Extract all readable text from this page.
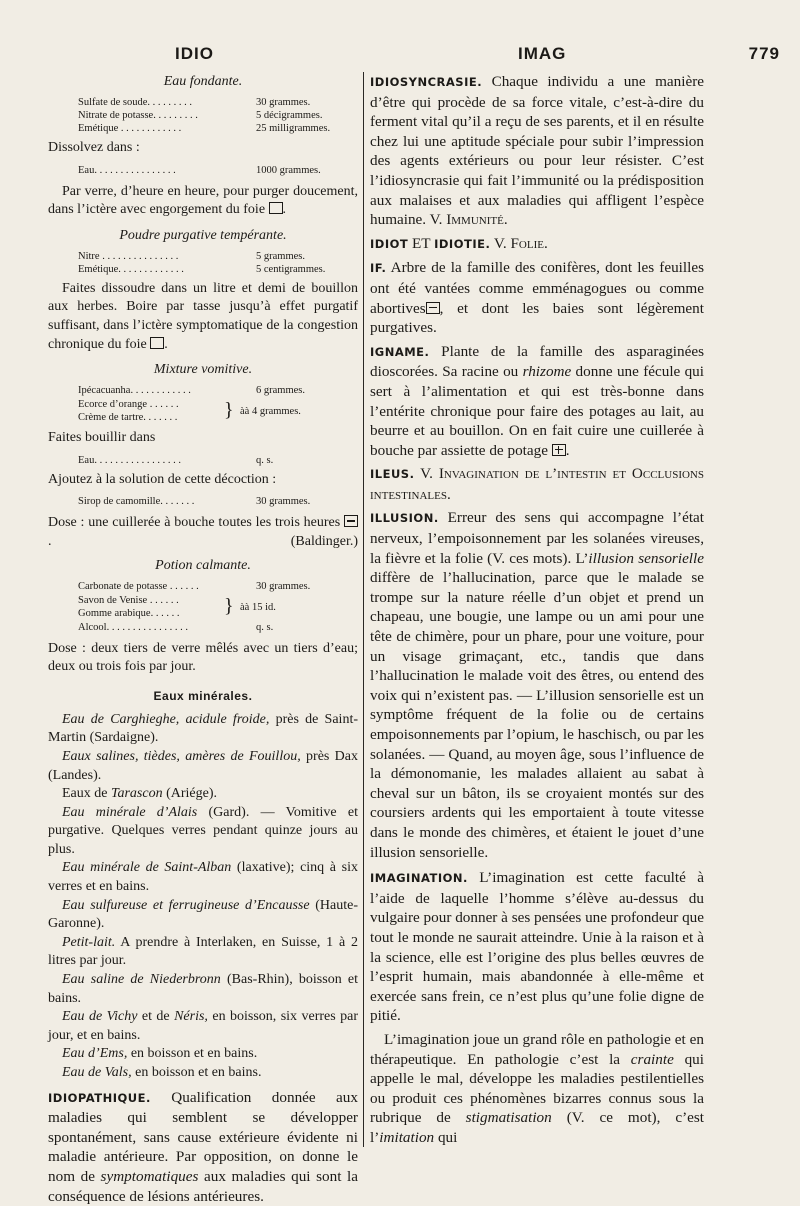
IDIO	IMAG	779
Eau fondante.
Sulfate de soude. . . . . . . . .	30 grammes.
Nitrate de potasse. . . . . . . . .	5 décigrammes.
Emétique . . . . . . . . . . . .	25 milligrammes.

Dissolvez dans :

Eau. . . . . . . . . . . . . . . .	1000 grammes.

Par verre, d’heure en heure, pour purger doucement, dans l’ictère avec engorgement du foie .

Poudre purgative tempérante.
Nitre . . . . . . . . . . . . . . .	5 grammes.
Emétique. . . . . . . . . . . . .	5 centigrammes.

Faites dissoudre dans un litre et demi de bouillon aux herbes. Boire par tasse jusqu’à effet purgatif suffisant, dans l’ictère symptomatique de la congestion chronique du foie .

Mixture vomitive.
Ipécacuanha. . . . . . . . . . . .	6 grammes.
Ecorce d’orange . . . . . .
Crème de tartre. . . . . . . } àà 4 grammes.

Faites bouillir dans

Eau. . . . . . . . . . . . . . . . .	q. s.

Ajoutez à la solution de cette décoction :

Sirop de camomille. . . . . . .	30 grammes.

Dose : une cuillerée à bouche toutes les trois heures .	(Baldinger.)

Potion calmante.
Carbonate de potasse . . . . . .	30 grammes.
Savon de Venise . . . . . .
Gomme arabique. . . . . . } àà 15 id.
Alcool. . . . . . . . . . . . . . . .	q. s.

Dose : deux tiers de verre mêlés avec un tiers d’eau; deux ou trois fois par jour.

Eaux minérales.

Eau de Carghieghe, acidule froide, près de Saint-Martin (Sardaigne).

Eaux salines, tièdes, amères de Fouillou, près Dax (Landes).

Eaux de Tarascon (Ariége).

Eau minérale d’Alais (Gard). — Vomitive et purgative. Quelques verres pendant quinze jours au plus.

Eau minérale de Saint-Alban (laxative); cinq à six verres et en bains.

Eau sulfureuse et ferrugineuse d’Encausse (Haute-Garonne).

Petit-lait. A prendre à Interlaken, en Suisse, 1 à 2 litres par jour.

Eau saline de Niederbronn (Bas-Rhin), boisson et bains.

Eau de Vichy et de Néris, en boisson, six verres par jour, et en bains.

Eau d’Ems, en boisson et en bains.

Eau de Vals, en boisson et en bains.

IDIOPATHIQUE. Qualification donnée aux maladies qui semblent se développer spontanément, sans cause extérieure évidente ni maladie antérieure. Par opposition, on donne le nom de symptomatiques aux maladies qui sont la conséquence de lésions antérieures.

IDIOSYNCRASIE. Chaque individu a une manière d’être qui procède de sa force vitale, c’est-à-dire du ferment vital qu’il a reçu de ses parents, et il en résulte chez lui une aptitude spéciale pour subir l’impression des agents extérieurs ou pour leur résister. C’est l’idiosyncrasie qui fait l’immunité ou la prédisposition aux malaises et aux maladies qui affligent l’espèce humaine. V. Immunité.

IDIOT ET IDIOTIE. V. Folie.

IF. Arbre de la famille des conifères, dont les feuilles ont été vantées comme emménagogues ou comme abortives , et dont les baies sont légèrement purgatives.

IGNAME. Plante de la famille des asparaginées dioscorées. Sa racine ou rhizome donne une fécule qui sert à l’alimentation et qui est très-bonne dans l’entérite chronique pour faire des potages au lait, au beurre et au bouillon. On en fait cuire une cuillerée à bouche par assiette de potage .

ILEUS. V. Invagination de l’intestin et Occlusions intestinales.

ILLUSION. Erreur des sens qui accompagne l’état nerveux, l’empoisonnement par les solanées vireuses, la fièvre et la folie (V. ces mots). L’illusion sensorielle diffère de l’hallucination, parce que le malade se trompe sur la nature réelle d’un objet et prend un chapeau, une bougie, une lampe ou un ami pour une tête de chimère, pour un phare, pour une voiture, pour un visage grimaçant, etc., tandis que dans l’hallucination le malade voit des êtres, ou entend des voix qui n’existent pas. — L’illusion sensorielle est un symptôme fréquent de la folie ou de certains empoisonnements par l’opium, le haschisch, ou par les solanées. — Quand, au moyen âge, sous l’influence de la démonomanie, les malades allaient au sabat à cheval sur un bâton, ils se croyaient montés sur des coursiers ardents qui les emportaient à toute vitesse dans le monde des chimères, et étaient le jouet d’une illusion sensorielle.

IMAGINATION. L’imagination est cette faculté à l’aide de laquelle l’homme s’élève au-dessus du vulgaire pour donner à ses pensées une profondeur que tout le monde ne saurait atteindre. Unie à la raison et à la science, elle est l’origine des plus belles œuvres de l’esprit humain, mais abandonnée à elle-même et exercée sans frein, ce n’est plus qu’une folie digne de pitié.

L’imagination joue un grand rôle en pathologie et en thérapeutique. En pathologie c’est la crainte qui appelle le mal, développe les maladies pestilentielles ou produit ces phénomènes bizarres connus sous la rubrique de stigmatisation (V. ce mot), c’est l’imitation qui
